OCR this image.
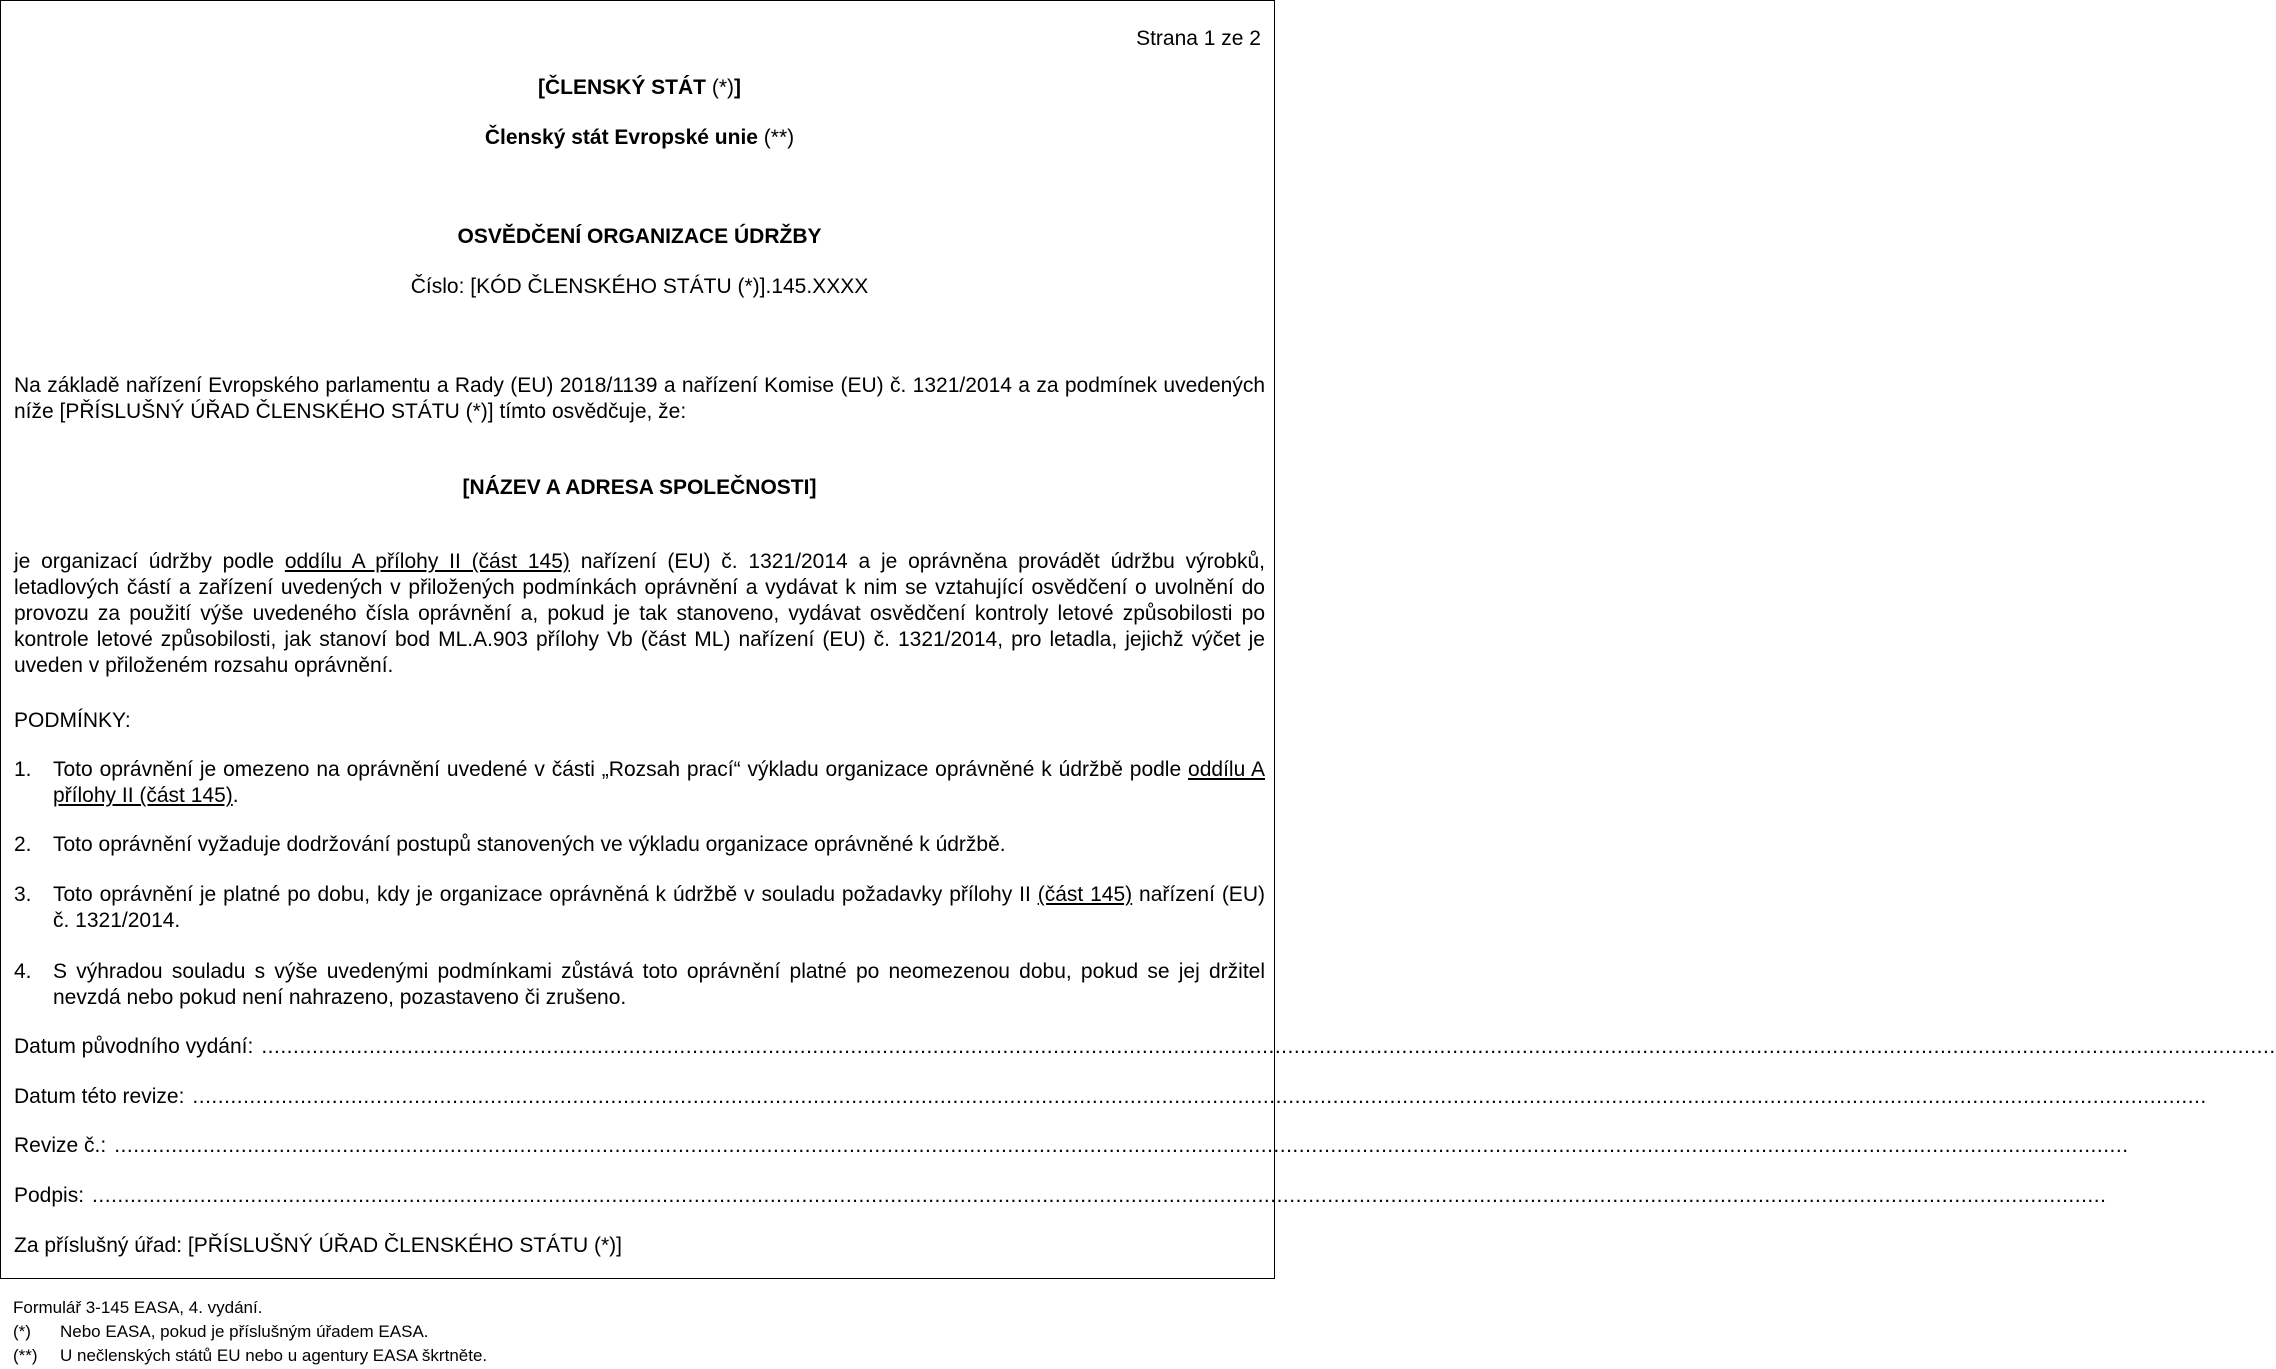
Strana 1 ze 2
[ČLENSKÝ STÁT (*)]
Členský stát Evropské unie (**)
OSVĚDČENÍ ORGANIZACE ÚDRŽBY
Číslo: [KÓD ČLENSKÉHO STÁTU (*)].145.XXXX
Na základě nařízení Evropského parlamentu a Rady (EU) 2018/1139 a nařízení Komise (EU) č. 1321/2014 a za podmínek uvedených níže [PŘÍSLUŠNÝ ÚŘAD ČLENSKÉHO STÁTU (*)] tímto osvědčuje, že:
[NÁZEV A ADRESA SPOLEČNOSTI]
je organizací údržby podle oddílu A přílohy II (část 145) nařízení (EU) č. 1321/2014 a je oprávněna provádět údržbu výrobků, letadlových částí a zařízení uvedených v přiložených podmínkách oprávnění a vydávat k nim se vztahující osvědčení o uvolnění do provozu za použití výše uvedeného čísla oprávnění a, pokud je tak stanoveno, vydávat osvědčení kontroly letové způsobilosti po kontrole letové způsobilosti, jak stanoví bod ML.A.903 přílohy Vb (část ML) nařízení (EU) č. 1321/2014, pro letadla, jejichž výčet je uveden v přiloženém rozsahu oprávnění.
PODMÍNKY:
1. Toto oprávnění je omezeno na oprávnění uvedené v části „Rozsah prací“ výkladu organizace oprávněné k údržbě podle oddílu A přílohy II (část 145).
2. Toto oprávnění vyžaduje dodržování postupů stanovených ve výkladu organizace oprávněné k údržbě.
3. Toto oprávnění je platné po dobu, kdy je organizace oprávněná k údržbě v souladu požadavky přílohy II (část 145) nařízení (EU) č. 1321/2014.
4. S výhradou souladu s výše uvedenými podmínkami zůstává toto oprávnění platné po neomezenou dobu, pokud se jej držitel nevzdá nebo pokud není nahrazeno, pozastaveno či zrušeno.
Datum původního vydání: ..............................................................................................................................................................................................................................................................................................................................
Datum této revize: ..............................................................................................................................................................................................................................................................................................................................
Revize č.: ..............................................................................................................................................................................................................................................................................................................................
Podpis: ..............................................................................................................................................................................................................................................................................................................................
Za příslušný úřad: [PŘÍSLUŠNÝ ÚŘAD ČLENSKÉHO STÁTU (*)]
Formulář 3-145 EASA, 4. vydání.
(*) Nebo EASA, pokud je příslušným úřadem EASA.
(**) U nečlenských států EU nebo u agentury EASA škrtněte.
